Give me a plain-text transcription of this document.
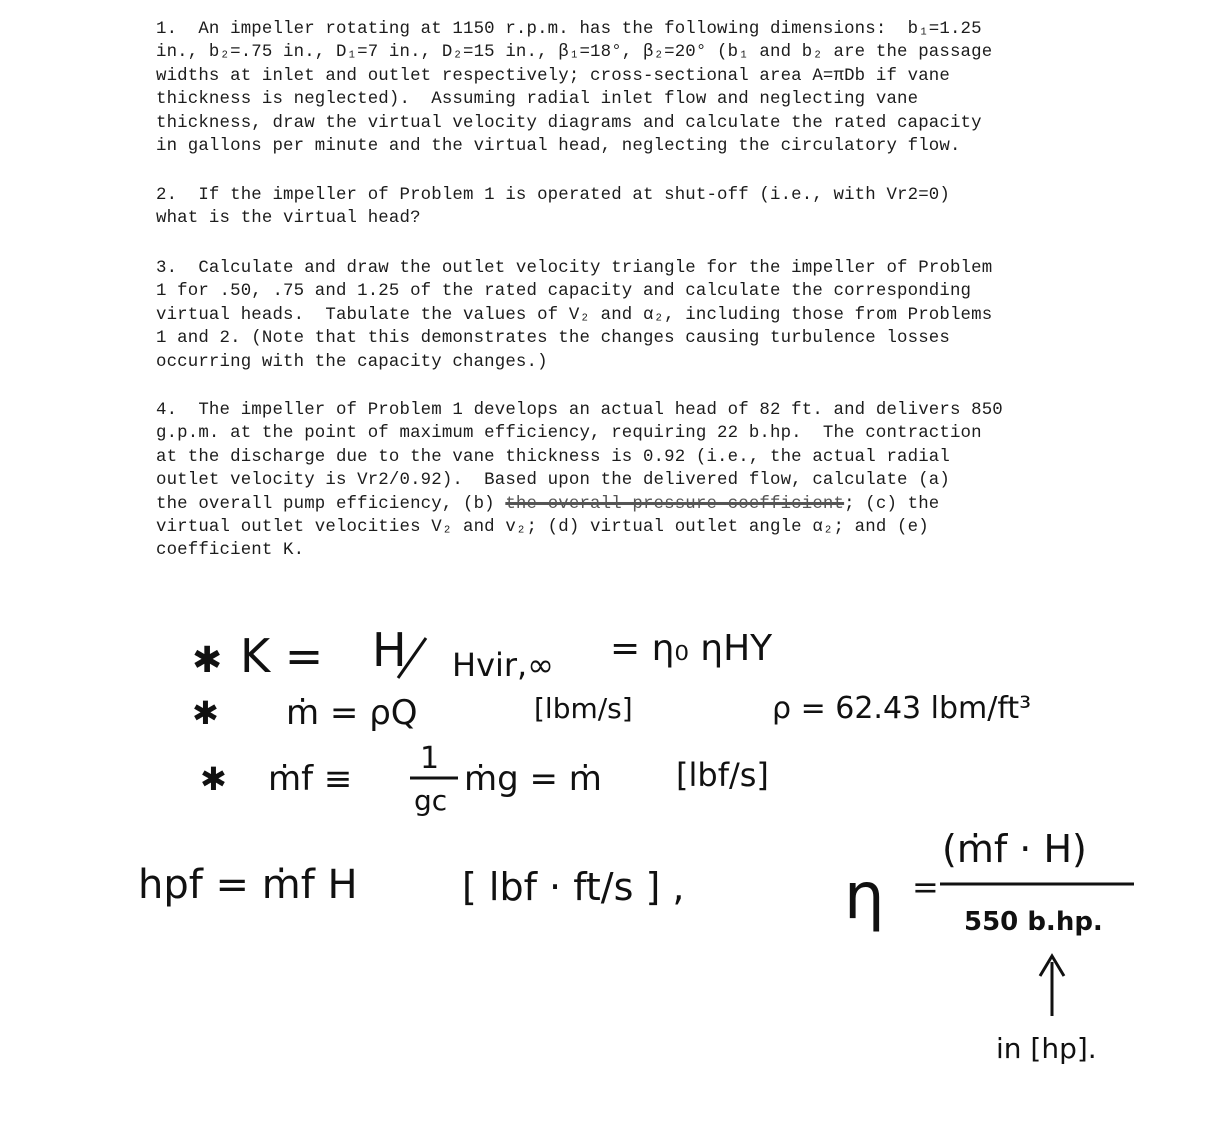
1.  An impeller rotating at 1150 r.p.m. has the following dimensions:  b₁=1.25
in., b₂=.75 in., D₁=7 in., D₂=15 in., β₁=18°, β₂=20° (b₁ and b₂ are the passage
widths at inlet and outlet respectively; cross-sectional area A=πDb if vane
thickness is neglected).  Assuming radial inlet flow and neglecting vane
thickness, draw the virtual velocity diagrams and calculate the rated capacity
in gallons per minute and the virtual head, neglecting the circulatory flow.
2.  If the impeller of Problem 1 is operated at shut-off (i.e., with Vr2=0)
what is the virtual head?
3.  Calculate and draw the outlet velocity triangle for the impeller of Problem
1 for .50, .75 and 1.25 of the rated capacity and calculate the corresponding
virtual heads.  Tabulate the values of V₂ and α₂, including those from Problems
1 and 2. (Note that this demonstrates the changes causing turbulence losses
occurring with the capacity changes.)
4.  The impeller of Problem 1 develops an actual head of 82 ft. and delivers 850
g.p.m. at the point of maximum efficiency, requiring 22 b.hp.  The contraction
at the discharge due to the vane thickness is 0.92 (i.e., the actual radial
outlet velocity is Vr2/0.92).  Based upon the delivered flow, calculate (a)
the overall pump efficiency, (b) the overall pressure coefficient; (c) the
virtual outlet velocities V₂ and v₂; (d) virtual outlet angle α₂; and (e)
coefficient K.
✱ K = H Hvir,∞ = η₀ ηHY
✱ ṁ = ρQ	[lbm/s]	ρ = 62.43 lbm/ft³
✱ ṁf ≡
1
gc
ṁg = ṁ [lbf/s]
hpf = ṁf H	[ lbf · ft/s ] , η =
(ṁf · H)
550 b.hp.
in [hp].
